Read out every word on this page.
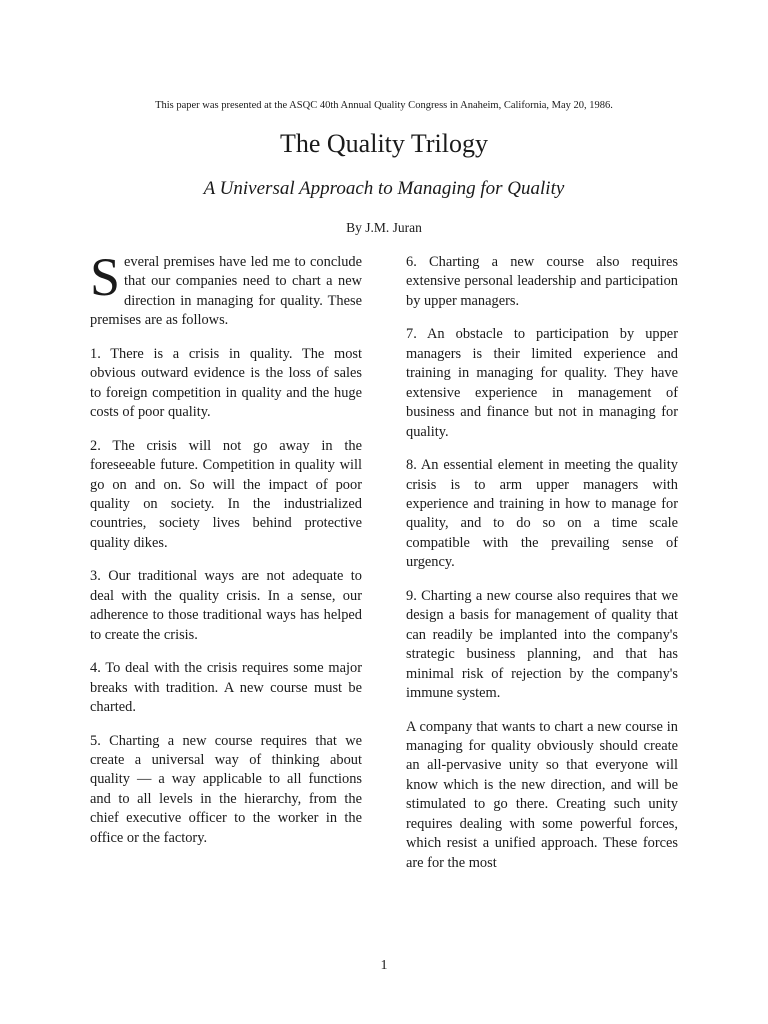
This paper was presented at the ASQC 40th Annual Quality Congress in Anaheim, California, May 20, 1986.
The Quality Trilogy
A Universal Approach to Managing for Quality
By J.M. Juran

Several premises have led me to conclude that our companies need to chart a new direction in managing for quality. These premises are as follows.

1. There is a crisis in quality. The most obvious outward evidence is the loss of sales to foreign competition in quality and the huge costs of poor quality.

2. The crisis will not go away in the foreseeable future. Competition in quality will go on and on. So will the impact of poor quality on society. In the industrialized countries, society lives behind protective quality dikes.

3. Our traditional ways are not adequate to deal with the quality crisis. In a sense, our adherence to those traditional ways has helped to create the crisis.

4. To deal with the crisis requires some major breaks with tradition. A new course must be charted.

5. Charting a new course requires that we create a universal way of thinking about quality — a way applicable to all functions and to all levels in the hierarchy, from the chief executive officer to the worker in the office or the factory.

6. Charting a new course also requires extensive personal leadership and participation by upper managers.

7. An obstacle to participation by upper managers is their limited experience and training in managing for quality. They have extensive experience in management of business and finance but not in managing for quality.

8. An essential element in meeting the quality crisis is to arm upper managers with experience and training in how to manage for quality, and to do so on a time scale compatible with the prevailing sense of urgency.

9. Charting a new course also requires that we design a basis for management of quality that can readily be implanted into the company's strategic business planning, and that has minimal risk of rejection by the company's immune system.

A company that wants to chart a new course in managing for quality obviously should create an all-pervasive unity so that everyone will know which is the new direction, and will be stimulated to go there. Creating such unity requires dealing with some powerful forces, which resist a unified approach. These forces are for the most

1
